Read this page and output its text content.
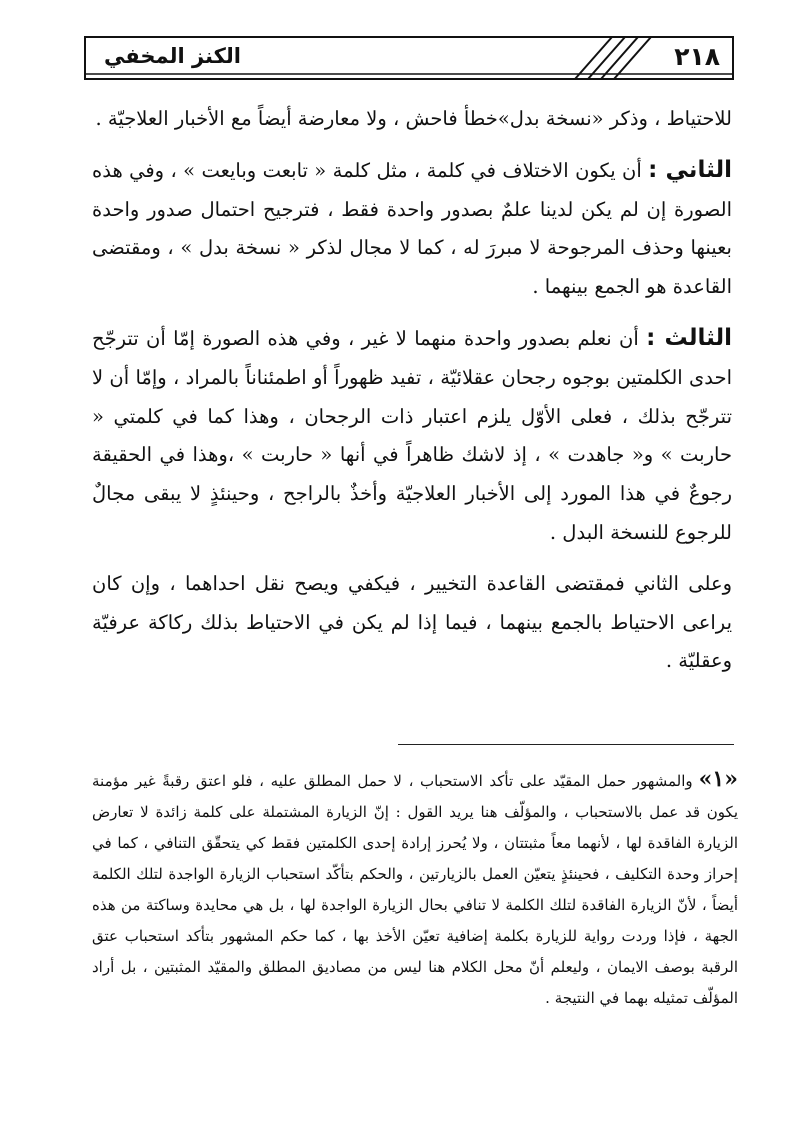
٢١٨
الكنز المخفي

للاحتياط ، وذكر «نسخة بدل»خطأ فاحش ، ولا معارضة أيضاً مع الأخبار العلاجيّة .

الثاني : أن يكون الاختلاف في كلمة ، مثل كلمة « تابعت وبايعت » ، وفي هذه الصورة إن لم يكن لدينا علمٌ بصدور واحدة فقط ، فترجيح احتمال صدور واحدة بعينها وحذف المرجوحة لا مبررَ له ، كما لا مجال لذكر « نسخة بدل » ، ومقتضى القاعدة هو الجمع بينهما .

الثالث : أن نعلم بصدور واحدة منهما لا غير ، وفي هذه الصورة إمّا أن تترجّح احدى الكلمتين بوجوه رجحان عقلائيّة ، تفيد ظهوراً أو اطمئناناً بالمراد ، وإمّا أن لا تترجّح بذلك ، فعلى الأوّل يلزم اعتبار ذات الرجحان ، وهذا كما في كلمتي « حاربت » و« جاهدت » ، إذ لاشك ظاهراً في أنها « حاربت » ،وهذا في الحقيقة رجوعٌ في هذا المورد إلى الأخبار العلاجيّة وأخذٌ بالراجح ، وحينئذٍ لا يبقى مجالٌ للرجوع للنسخة البدل .

وعلى الثاني فمقتضى القاعدة التخيير ، فيكفي ويصح نقل احداهما ، وإن كان يراعى الاحتياط بالجمع بينهما ، فيما إذا لم يكن في الاحتياط بذلك ركاكة عرفيّة وعقليّة .

«١»والمشهور حمل المقيّد على تأكد الاستحباب ، لا حمل المطلق عليه ، فلو اعتق رقبةً غير مؤمنة يكون قد عمل بالاستحباب ، والمؤلّف هنا يريد القول : إنّ الزيارة المشتملة على كلمة زائدة لا تعارض الزيارة الفاقدة لها ، لأنهما معاً مثبتتان ، ولا يُحرز إرادة إحدى الكلمتين فقط كي يتحقّق التنافي ، كما في إحراز وحدة التكليف ، فحينئذٍ يتعيّن العمل بالزيارتين ، والحكم بتأكّد استحباب الزيارة الواجدة لتلك الكلمة أيضاً ، لأنّ الزيارة الفاقدة لتلك الكلمة لا تنافي بحال الزيارة الواجدة لها ، بل هي محايدة وساكتة من هذه الجهة ، فإذا وردت رواية للزيارة بكلمة إضافية تعيّن الأخذ بها ، كما حكم المشهور بتأكد استحباب عتق الرقبة بوصف الايمان ، وليعلم أنّ محل الكلام هنا ليس من مصاديق المطلق والمقيّد المثبتين ، بل أراد المؤلّف تمثيله بهما في النتيجة .
